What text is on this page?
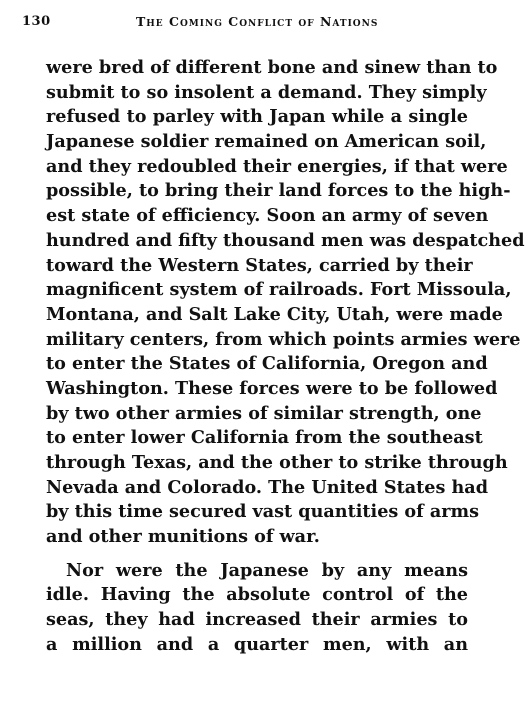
130	The Coming Conflict of Nations
were bred of different bone and sinew than to
submit to so insolent a demand. They simply
refused to parley with Japan while a single
Japanese soldier remained on American soil,
and they redoubled their energies, if that were
possible, to bring their land forces to the high-
est state of efficiency. Soon an army of seven
hundred and fifty thousand men was despatched
toward the Western States, carried by their
magnificent system of railroads. Fort Missoula,
Montana, and Salt Lake City, Utah, were made
military centers, from which points armies were
to enter the States of California, Oregon and
Washington. These forces were to be followed
by two other armies of similar strength, one
to enter lower California from the southeast
through Texas, and the other to strike through
Nevada and Colorado. The United States had
by this time secured vast quantities of arms
and other munitions of war.
Nor were the Japanese by any means
idle. Having the absolute control of the
seas, they had increased their armies to
a million and a quarter men, with an
